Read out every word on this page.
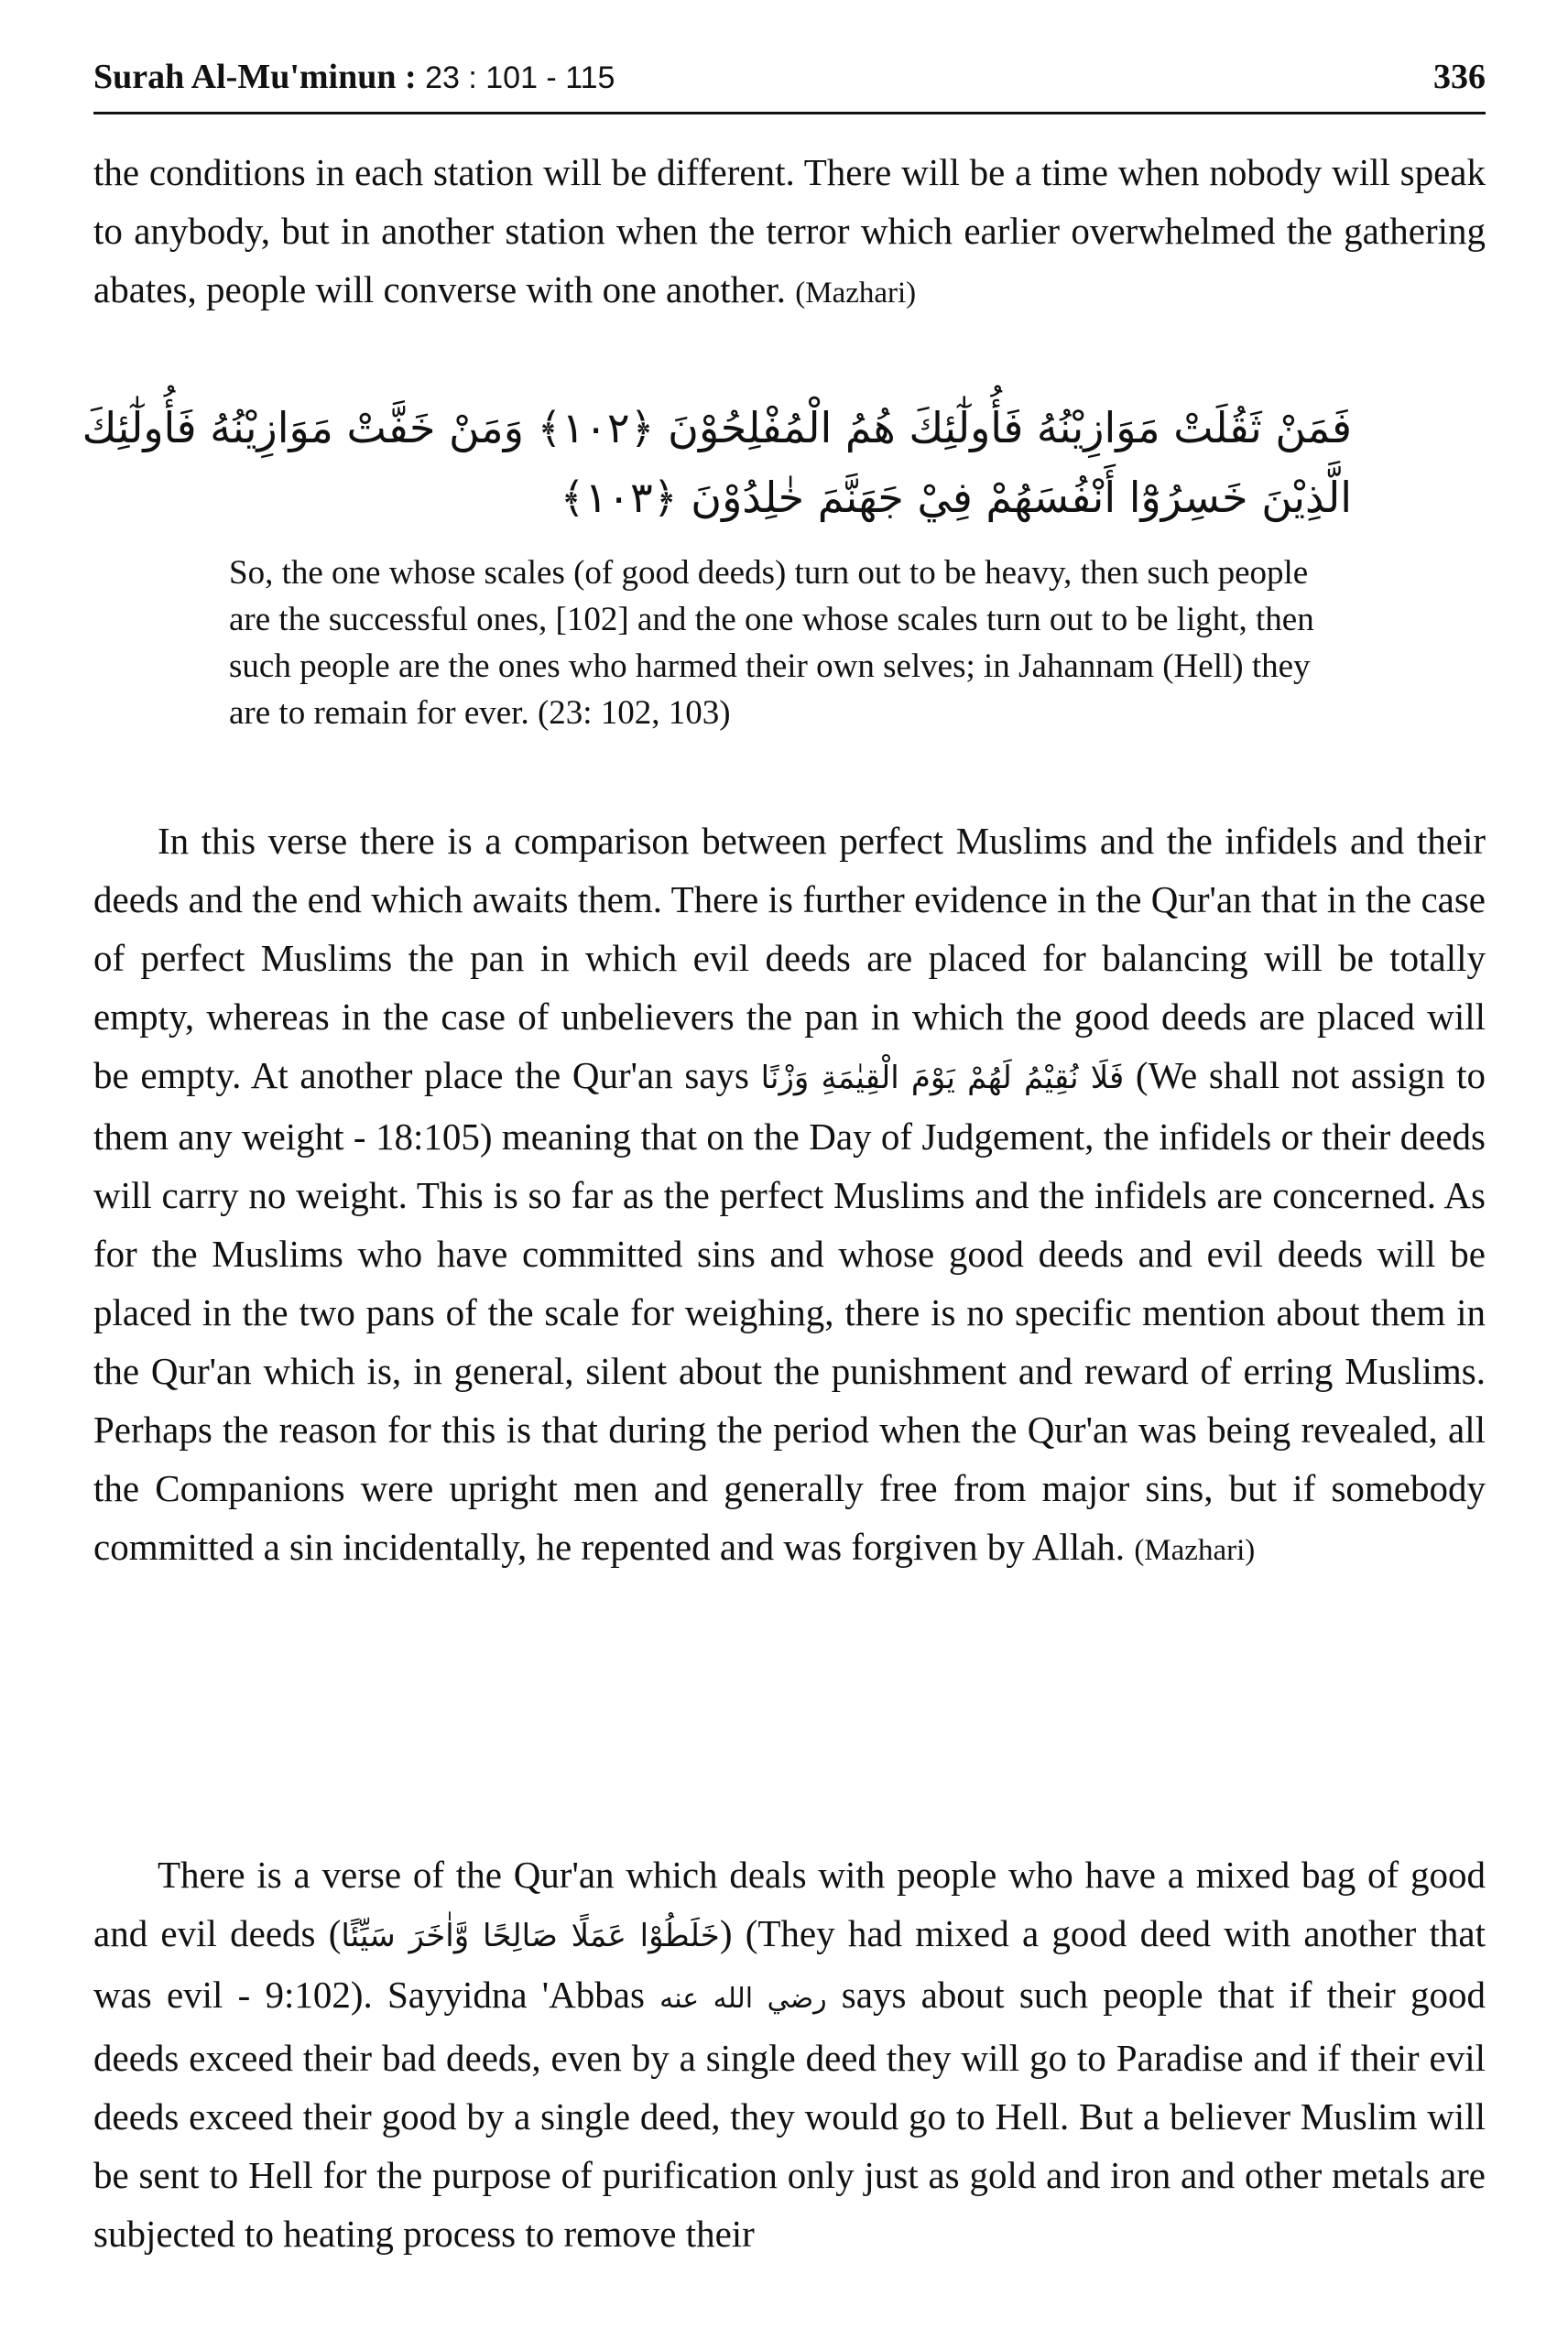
Surah Al-Mu'minun : 23 : 101 - 115	336

the conditions in each station will be different. There will be a time when nobody will speak to anybody, but in another station when the terror which earlier overwhelmed the gathering abates, people will converse with one another. (Mazhari)

فَمَنْ ثَقُلَتْ مَوَازِيْنُهُ فَأُولٰٓئِكَ هُمُ الْمُفْلِحُوْنَ ﴿١٠٢﴾ وَمَنْ خَفَّتْ مَوَازِيْنُهُ فَأُولٰٓئِكَ
الَّذِيْنَ خَسِرُوْٓا أَنْفُسَهُمْ فِيْ جَهَنَّمَ خٰلِدُوْنَ ﴿١٠٣﴾

So, the one whose scales (of good deeds) turn out to be heavy, then such people are the successful ones, [102] and the one whose scales turn out to be light, then such people are the ones who harmed their own selves; in Jahannam (Hell) they are to remain for ever. (23: 102, 103)

In this verse there is a comparison between perfect Muslims and the infidels and their deeds and the end which awaits them. There is further evidence in the Qur'an that in the case of perfect Muslims the pan in which evil deeds are placed for balancing will be totally empty, whereas in the case of unbelievers the pan in which the good deeds are placed will be empty. At another place the Qur'an says فَلَا نُقِيْمُ لَهُمْ يَوْمَ الْقِيٰمَةِ وَزْنًا (We shall not assign to them any weight - 18:105) meaning that on the Day of Judgement, the infidels or their deeds will carry no weight. This is so far as the perfect Muslims and the infidels are concerned. As for the Muslims who have committed sins and whose good deeds and evil deeds will be placed in the two pans of the scale for weighing, there is no specific mention about them in the Qur'an which is, in general, silent about the punishment and reward of erring Muslims. Perhaps the reason for this is that during the period when the Qur'an was being revealed, all the Companions were upright men and generally free from major sins, but if somebody committed a sin incidentally, he repented and was forgiven by Allah. (Mazhari)

There is a verse of the Qur'an which deals with people who have a mixed bag of good and evil deeds (خَلَطُوْا عَمَلًا صَالِحًا وَّاٰخَرَ سَيِّئًا) (They had mixed a good deed with another that was evil - 9:102). Sayyidna 'Abbas رضي الله عنه says about such people that if their good deeds exceed their bad deeds, even by a single deed they will go to Paradise and if their evil deeds exceed their good by a single deed, they would go to Hell. But a believer Muslim will be sent to Hell for the purpose of purification only just as gold and iron and other metals are subjected to heating process to remove their
